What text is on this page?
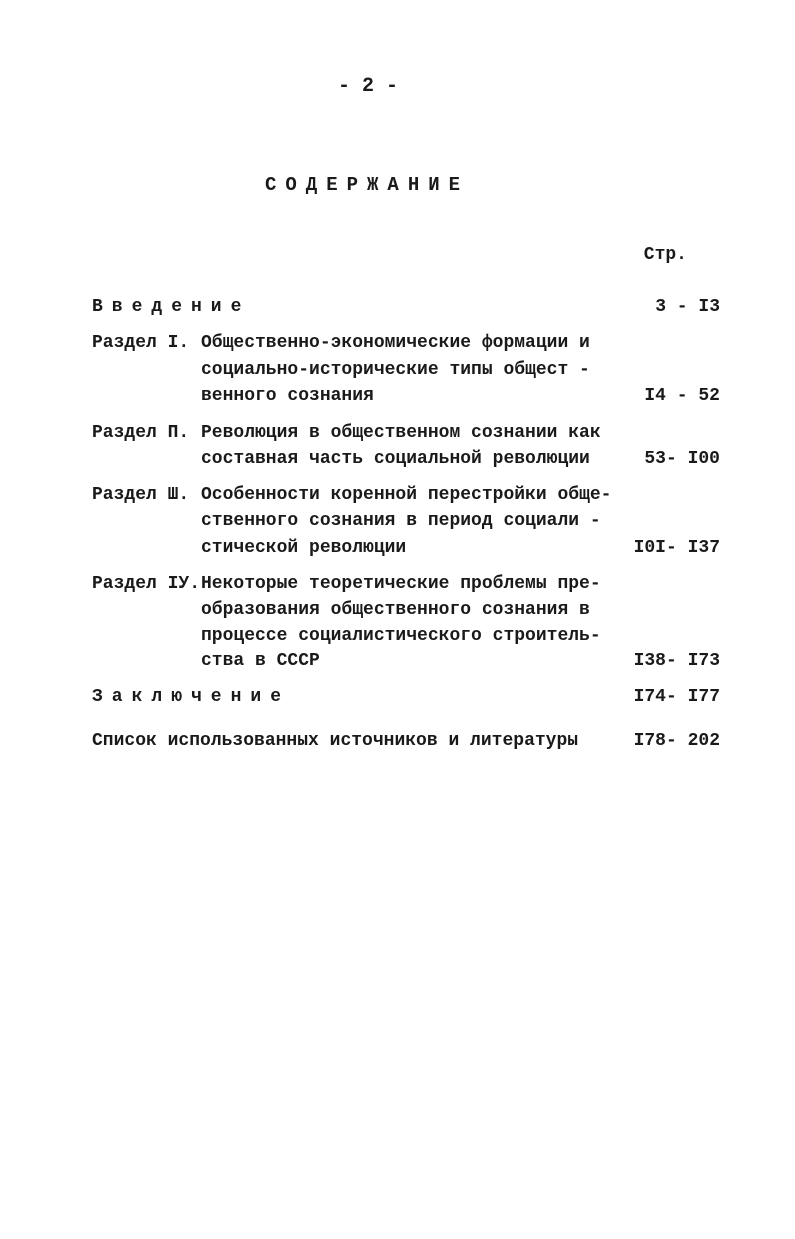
- 2 -
СОДЕРЖАНИЕ
Стр.
Введение	3 - I3
Раздел I. Общественно-экономические формации и
социально-исторические типы общест -
венного сознания	I4 - 52
Раздел П. Революция в общественном сознании как
составная часть социальной революции	53- I00
Раздел Ш. Особенности коренной перестройки обще-
ственного сознания в период социали -
стической революции	I0I- I37
Раздел IУ. Некоторые теоретические проблемы пре-
образования общественного сознания в
процессе социалистического строитель-
ства в СССР	I38- I73
Заключение	I74- I77
Список использованных источников и литературы	I78- 202
